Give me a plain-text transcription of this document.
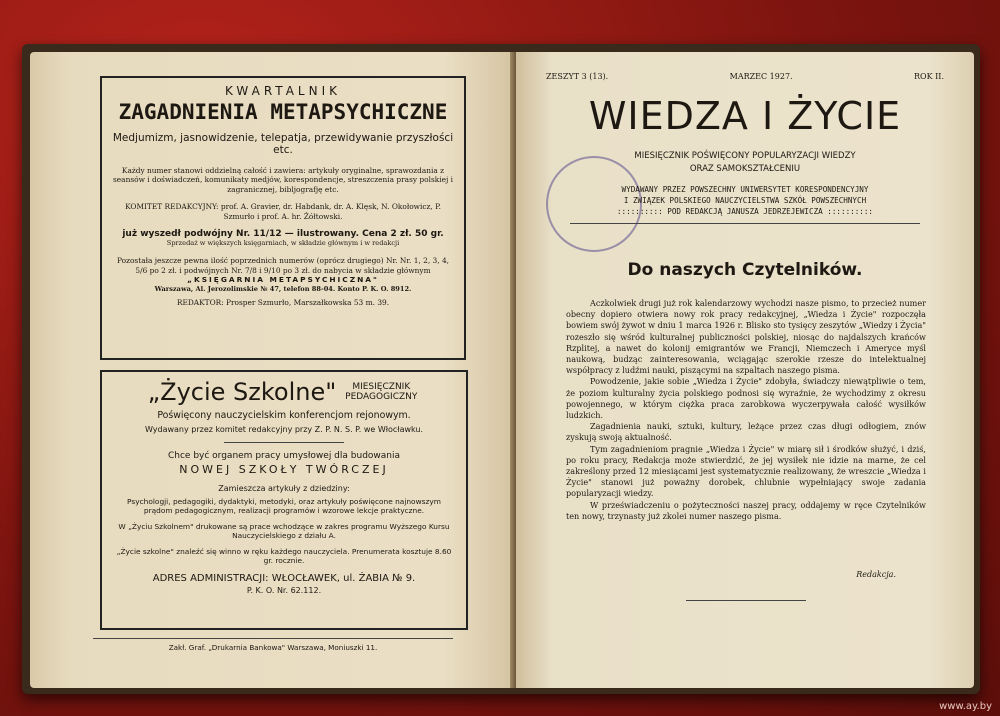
KWARTALNIK
ZAGADNIENIA METAPSYCHICZNE
Medjumizm, jasnowidzenie, telepatja, przewidywanie przyszłości etc.
Każdy numer stanowi oddzielną całość i zawiera: artykuły oryginalne, sprawozdania z seansów i doświadczeń, komunikaty medjów, korespondencje, streszczenia prasy polskiej i zagranicznej, bibljografję etc.
KOMITET REDAKCYJNY: prof. A. Gravier, dr. Habdank, dr. A. Klęsk, N. Okołowicz, P. Szmurło i prof. A. hr. Żółtowski.
już wyszedł podwójny Nr. 11/12 — ilustrowany. Cena 2 zł. 50 gr.
Sprzedaż w większych księgarniach, w składzie głównym i w redakcji
Pozostała jeszcze pewna ilość poprzednich numerów (oprócz drugiego) Nr. Nr. 1, 2, 3, 4, 5/6 po 2 zł. i podwójnych Nr. 7/8 i 9/10 po 3 zł. do nabycia w składzie głównym
„KSIĘGARNIA METAPSYCHICZNA"
Warszawa, Al. Jerozolimskie № 47, telefon 88-04. Konto P. K. O. 8912.
REDAKTOR: Prosper Szmurło, Marszałkowska 53 m. 39.
„Życie Szkolne"	MIESIĘCZNIK PEDAGOGICZNY
Poświęcony nauczycielskim konferencjom rejonowym.
Wydawany przez komitet redakcyjny przy Z. P. N. S. P. we Włocławku.
Chce być organem pracy umysłowej dla budowania
NOWEJ SZKOŁY TWÓRCZEJ
Zamieszcza artykuły z dziedziny:
Psychologji, pedagogiki, dydaktyki, metodyki, oraz artykuły poświęcone najnowszym prądom pedagogicznym, realizacji programów i wzorowe lekcje praktyczne.
W „Życiu Szkolnem" drukowane są prace wchodzące w zakres programu Wyższego Kursu Nauczycielskiego z działu A.
„Życie szkolne" znaleźć się winno w ręku każdego nauczyciela. Prenumerata kosztuje 8.60 gr. rocznie.
ADRES ADMINISTRACJI: WŁOCŁAWEK, ul. ŻABIA № 9.
P. K. O. Nr. 62.112.
Zakł. Graf. „Drukarnia Bankowa" Warszawa, Moniuszki 11.
ZESZYT 3 (13).	MARZEC 1927.	ROK II.
WIEDZA I ŻYCIE
MIESIĘCZNIK POŚWIĘCONY POPULARYZACJI WIEDZY
ORAZ SAMOKSZTAŁCENIU
WYDAWANY PRZEZ POWSZECHNY UNIWERSYTET KORESPONDENCYJNY
I ZWIĄZEK POLSKIEGO NAUCZYCIELSTWA SZKÓŁ POWSZECHNYCH
:::::::::: POD REDAKCJĄ JANUSZA JEDRZEJEWICZA ::::::::::
Do naszych Czytelników.

Aczkolwiek drugi już rok kalendarzowy wychodzi nasze pismo, to przecież numer obecny dopiero otwiera nowy rok pracy redakcyjnej, „Wiedza i Życie" rozpoczęła bowiem swój żywot w dniu 1 marca 1926 r. Blisko sto tysięcy zeszytów „Wiedzy i Życia" rozeszło się wśród kulturalnej publiczności polskiej, niosąc do najdalszych krańców Rzplitej, a nawet do kolonij emigrantów we Francji, Niemczech i Ameryce myśl naukową, budząc zainteresowania, wciągając szerokie rzesze do intelektualnej współpracy z ludźmi nauki, piszącymi na szpaltach naszego pisma.

Powodzenie, jakie sobie „Wiedza i Życie" zdobyła, świadczy niewątpliwie o tem, że poziom kulturalny życia polskiego podnosi się wyraźnie, że wychodzimy z okresu powojennego, w którym ciężka praca zarobkowa wyczerpywała całość wysiłków ludzkich.

Zagadnienia nauki, sztuki, kultury, leżące przez czas długi odłogiem, znów zyskują swoją aktualność.

Tym zagadnieniom pragnie „Wiedza i Życie" w miarę sił i środków służyć, i dziś, po roku pracy, Redakcja może stwierdzić, że jej wysiłek nie idzie na marne, że cel zakreślony przed 12 miesiącami jest systematycznie realizowany, że wreszcie „Wiedza i Życie" stanowi już poważny dorobek, chlubnie wypełniający swoje zadania popularyzacji wiedzy.

W przeświadczeniu o pożyteczności naszej pracy, oddajemy w ręce Czytelników ten nowy, trzynasty już zkolei numer naszego pisma.

Redakcja.
www.ay.by
